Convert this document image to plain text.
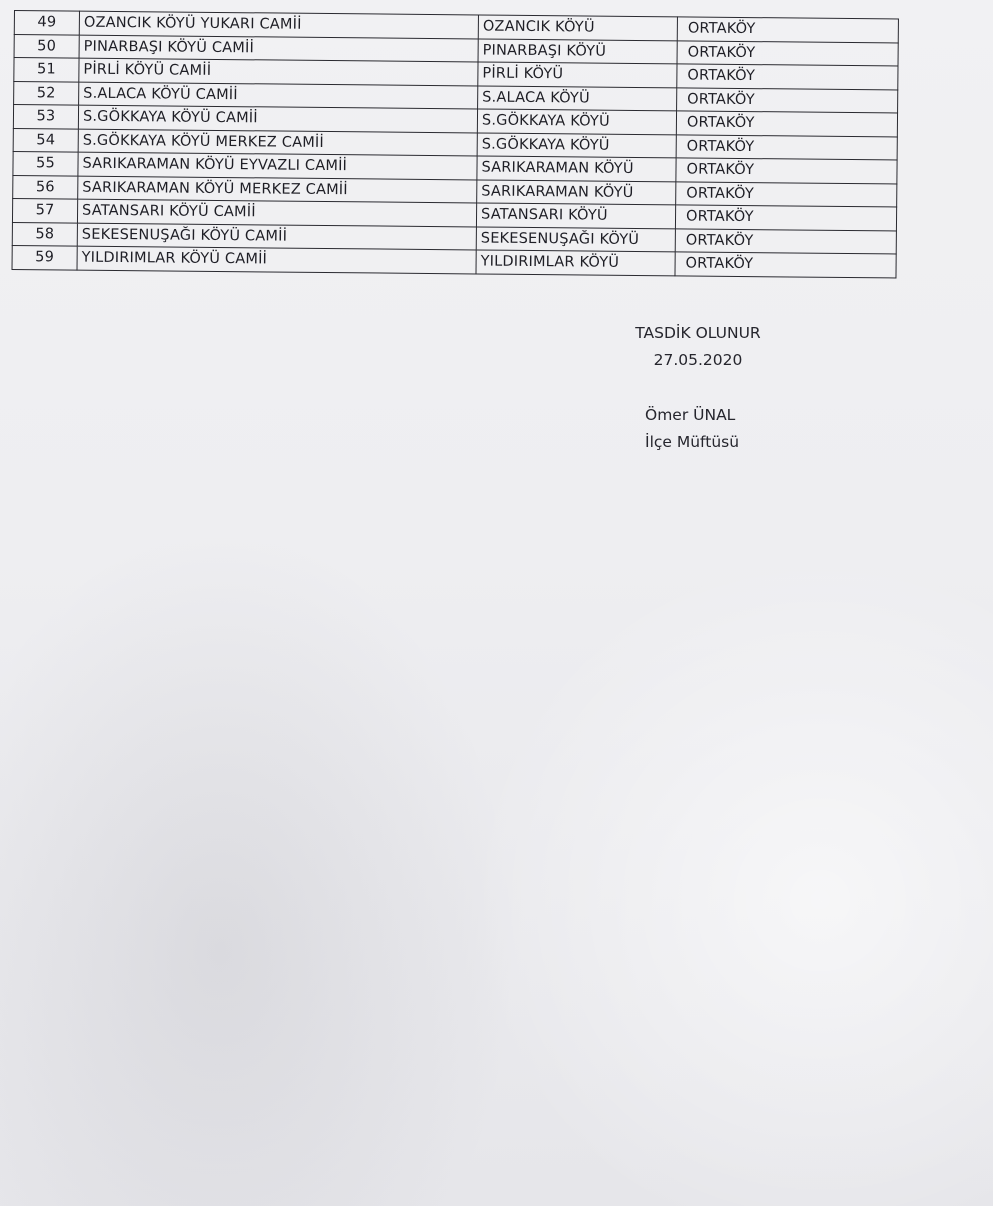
49	OZANCIK KÖYÜ YUKARI CAMİİ	OZANCIK KÖYÜ	ORTAKÖY
50	PINARBAŞI KÖYÜ CAMİİ	PINARBAŞI KÖYÜ	ORTAKÖY
51	PİRLİ KÖYÜ CAMİİ	PİRLİ KÖYÜ	ORTAKÖY
52	S.ALACA KÖYÜ CAMİİ	S.ALACA KÖYÜ	ORTAKÖY
53	S.GÖKKAYA KÖYÜ CAMİİ	S.GÖKKAYA KÖYÜ	ORTAKÖY
54	S.GÖKKAYA KÖYÜ MERKEZ CAMİİ	S.GÖKKAYA KÖYÜ	ORTAKÖY
55	SARIKARAMAN KÖYÜ EYVAZLI CAMİİ	SARIKARAMAN KÖYÜ	ORTAKÖY
56	SARIKARAMAN KÖYÜ MERKEZ CAMİİ	SARIKARAMAN KÖYÜ	ORTAKÖY
57	SATANSARI KÖYÜ CAMİİ	SATANSARI KÖYÜ	ORTAKÖY
58	SEKESENUŞAĞI KÖYÜ CAMİİ	SEKESENUŞAĞI KÖYÜ	ORTAKÖY
59	YILDIRIMLAR KÖYÜ CAMİİ	YILDIRIMLAR KÖYÜ	ORTAKÖY
TASDİK OLUNUR
27.05.2020
Ömer ÜNAL
İlçe Müftüsü
